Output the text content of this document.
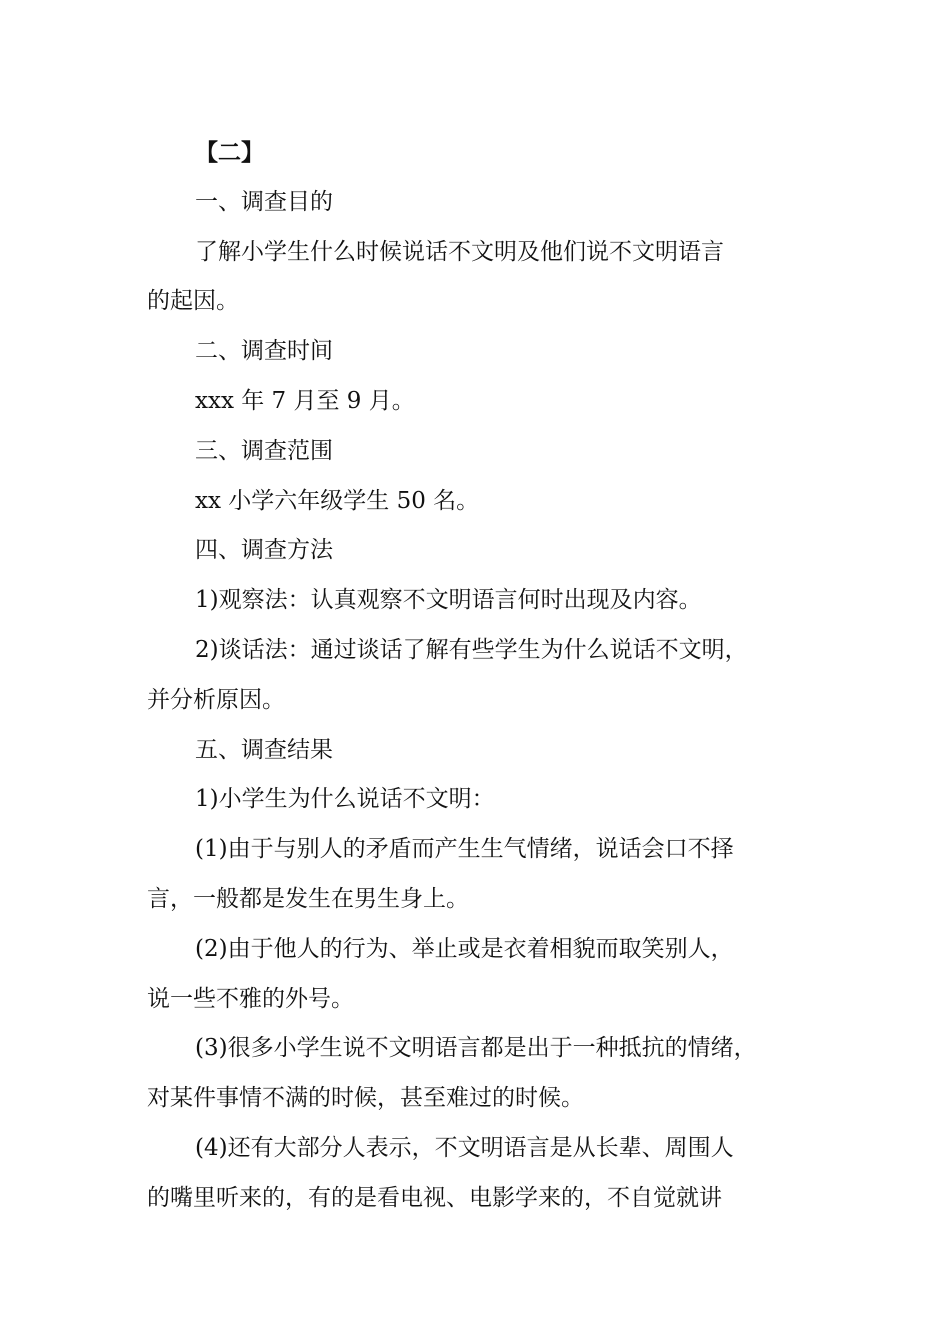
【二】
一、调查目的
了解小学生什么时候说话不文明及他们说不文明语言
的起因。
二、调查时间
xxx 年 7 月至 9 月。
三、调查范围
xx 小学六年级学生 50 名。
四、调查方法
1)观察法：认真观察不文明语言何时出现及内容。
2)谈话法：通过谈话了解有些学生为什么说话不文明，
并分析原因。
五、调查结果
1)小学生为什么说话不文明：
(1)由于与别人的矛盾而产生生气情绪，说话会口不择
言，一般都是发生在男生身上。
(2)由于他人的行为、举止或是衣着相貌而取笑别人，
说一些不雅的外号。
(3)很多小学生说不文明语言都是出于一种抵抗的情绪，
对某件事情不满的时候，甚至难过的时候。
(4)还有大部分人表示，不文明语言是从长辈、周围人
的嘴里听来的，有的是看电视、电影学来的，不自觉就讲
